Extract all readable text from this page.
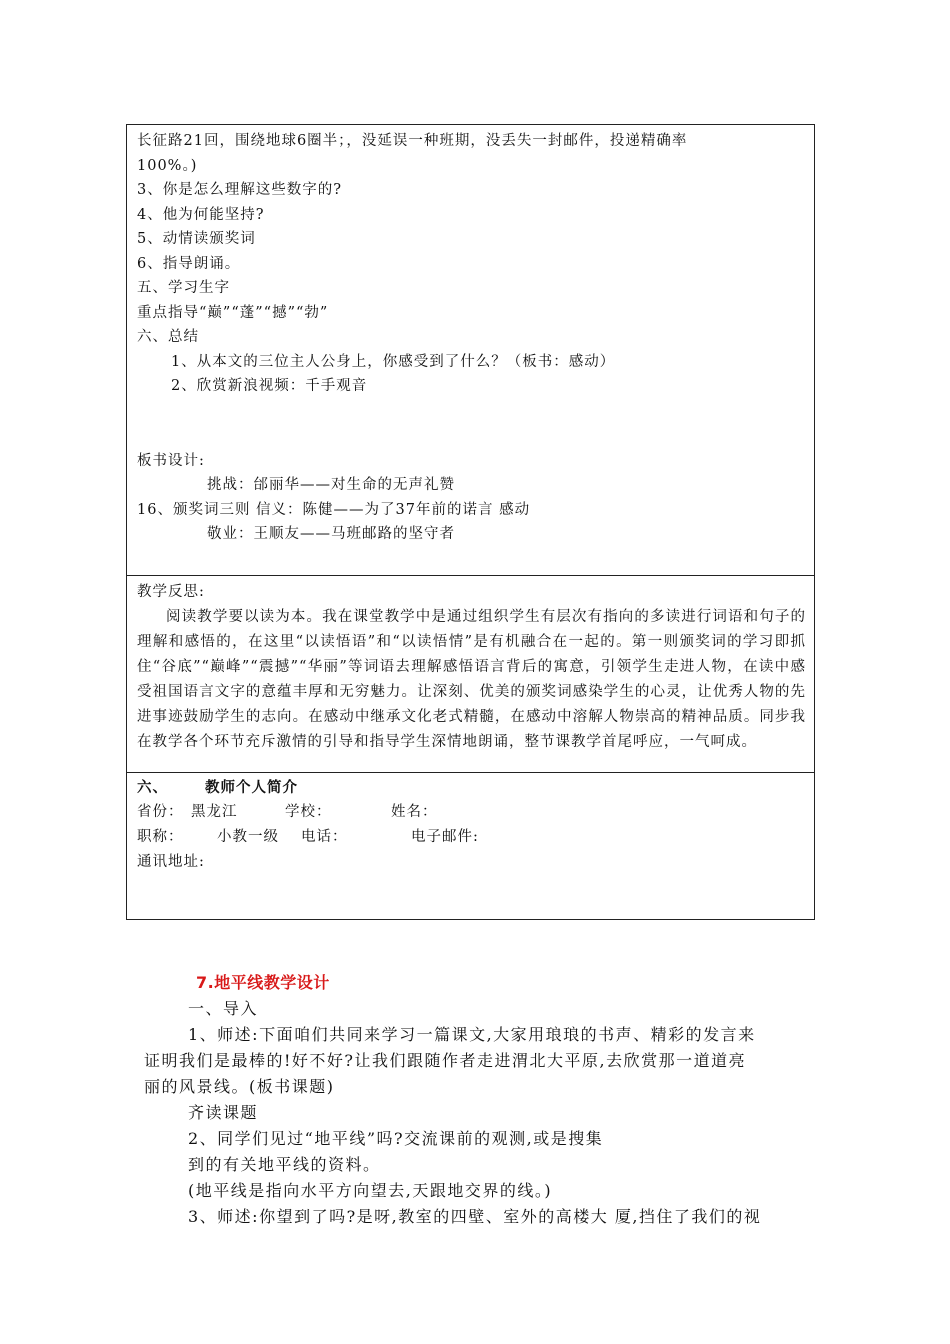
长征路21回，围绕地球6圈半；，没延误一种班期，没丢失一封邮件，投递精确率
100%。)
3、你是怎么理解这些数字的?
4、他为何能坚持?
5、动情读颁奖词
6、指导朗诵。
五、学习生字
重点指导“巅”“蓬”“撼”“勃”
六、总结
1、从本文的三位主人公身上，你感受到了什么？（板书：感动）
2、欣赏新浪视频：千手观音
板书设计:
挑战：邰丽华——对生命的无声礼赞
16、颁奖词三则 信义：陈健——为了37年前的诺言 感动
敬业：王顺友——马班邮路的坚守者
教学反思:
阅读教学要以读为本。我在课堂教学中是通过组织学生有层次有指向的多读进行词语和句子的理解和感悟的，在这里“以读悟语”和“以读悟情”是有机融合在一起的。第一则颁奖词的学习即抓住“谷底”“巅峰”“震撼”“华丽”等词语去理解感悟语言背后的寓意，引领学生走进人物，在读中感受祖国语言文字的意蕴丰厚和无穷魅力。让深刻、优美的颁奖词感染学生的心灵，让优秀人物的先进事迹鼓励学生的志向。在感动中继承文化老式精髓，在感动中溶解人物崇高的精神品质。同步我在教学各个环节充斥激情的引导和指导学生深情地朗诵，整节课教学首尾呼应，一气呵成。
六、	教师个人简介
省份： 黑龙江	学校：	姓名：
职称：	小教一级	电话：	电子邮件:
通讯地址:
7.地平线教学设计
一、导入
1、师述:下面咱们共同来学习一篇课文,大家用琅琅的书声、精彩的发言来
证明我们是最棒的!好不好?让我们跟随作者走进渭北大平原,去欣赏那一道道亮
丽的风景线。(板书课题)
齐读课题
2、同学们见过“地平线”吗?交流课前的观测,或是搜集
到的有关地平线的资料。
(地平线是指向水平方向望去,天跟地交界的线。)
3、师述:你望到了吗?是呀,教室的四壁、室外的高楼大 厦,挡住了我们的视
